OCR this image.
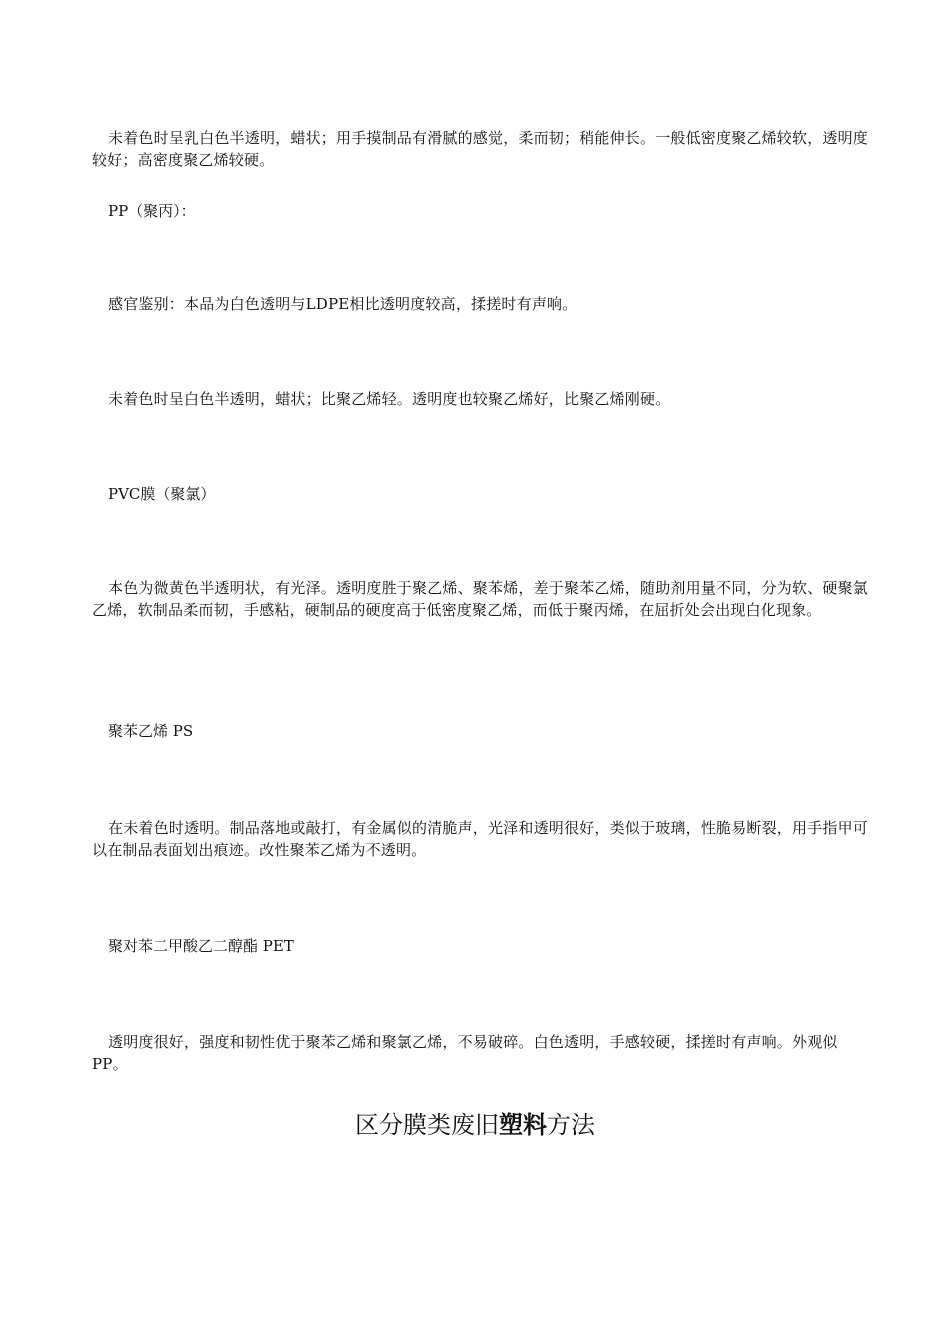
未着色时呈乳白色半透明，蜡状；用手摸制品有滑腻的感觉，柔而韧；稍能伸长。一般低密度聚乙烯较软，透明度较好；高密度聚乙烯较硬。

PP（聚丙）：

感官鉴别：本品为白色透明与LDPE相比透明度较高，揉搓时有声响。

未着色时呈白色半透明，蜡状；比聚乙烯轻。透明度也较聚乙烯好，比聚乙烯刚硬。

PVC膜（聚氯）

本色为微黄色半透明状，有光泽。透明度胜于聚乙烯、聚苯烯，差于聚苯乙烯，随助剂用量不同，分为软、硬聚氯乙烯，软制品柔而韧，手感粘，硬制品的硬度高于低密度聚乙烯，而低于聚丙烯，在屈折处会出现白化现象。

聚苯乙烯 PS

在未着色时透明。制品落地或敲打，有金属似的清脆声，光泽和透明很好，类似于玻璃，性脆易断裂，用手指甲可以在制品表面划出痕迹。改性聚苯乙烯为不透明。

聚对苯二甲酸乙二醇酯 PET

透明度很好，强度和韧性优于聚苯乙烯和聚氯乙烯，不易破碎。白色透明，手感较硬，揉搓时有声响。外观似PP。

区分膜类废旧塑料方法
